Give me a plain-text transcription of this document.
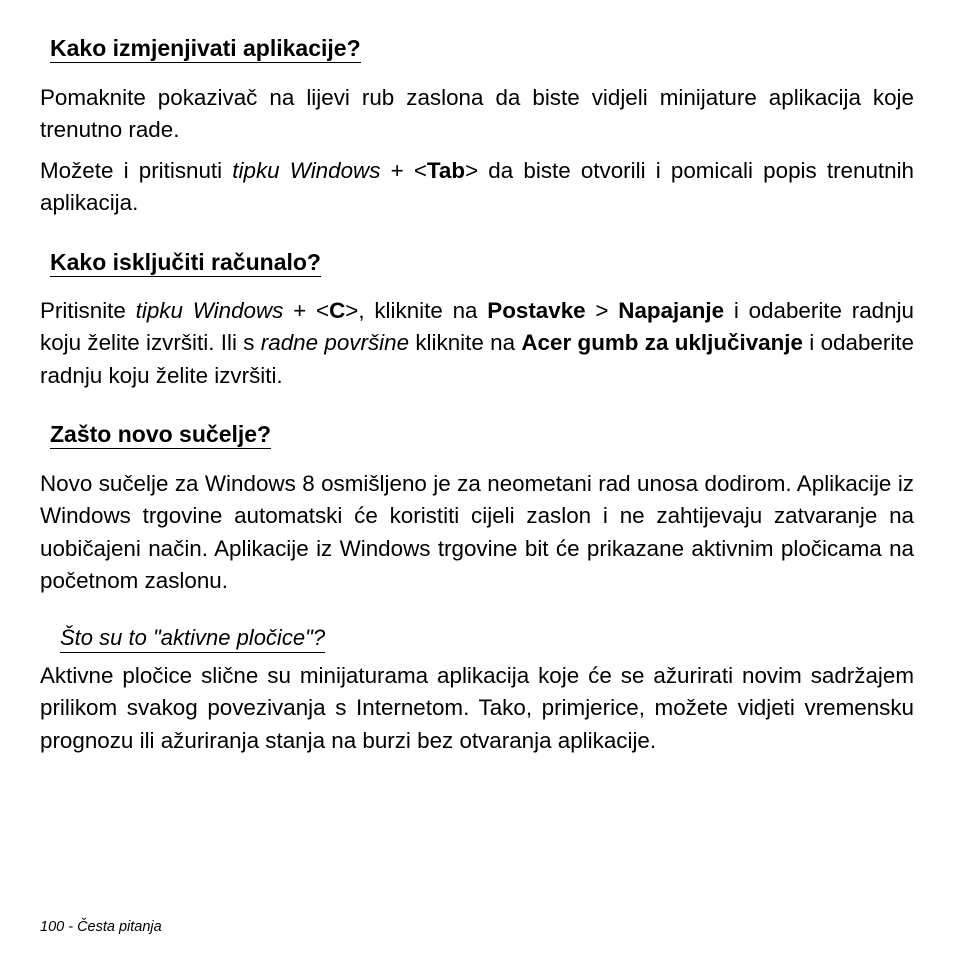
Kako izmjenjivati aplikacije?
Pomaknite pokazivač na lijevi rub zaslona da biste vidjeli minijature aplikacija koje trenutno rade.
Možete i pritisnuti tipku Windows + <Tab> da biste otvorili i pomicali popis trenutnih aplikacija.
Kako isključiti računalo?
Pritisnite tipku Windows + <C>, kliknite na Postavke > Napajanje i odaberite radnju koju želite izvršiti. Ili s radne površine kliknite na Acer gumb za uključivanje i odaberite radnju koju želite izvršiti.
Zašto novo sučelje?
Novo sučelje za Windows 8 osmišljeno je za neometani rad unosa dodirom. Aplikacije iz Windows trgovine automatski će koristiti cijeli zaslon i ne zahtijevaju zatvaranje na uobičajeni način. Aplikacije iz Windows trgovine bit će prikazane aktivnim pločicama na početnom zaslonu.
Što su to "aktivne pločice"?
Aktivne pločice slične su minijaturama aplikacija koje će se ažurirati novim sadržajem prilikom svakog povezivanja s Internetom. Tako, primjerice, možete vidjeti vremensku prognozu ili ažuriranja stanja na burzi bez otvaranja aplikacije.
100 - Česta pitanja
